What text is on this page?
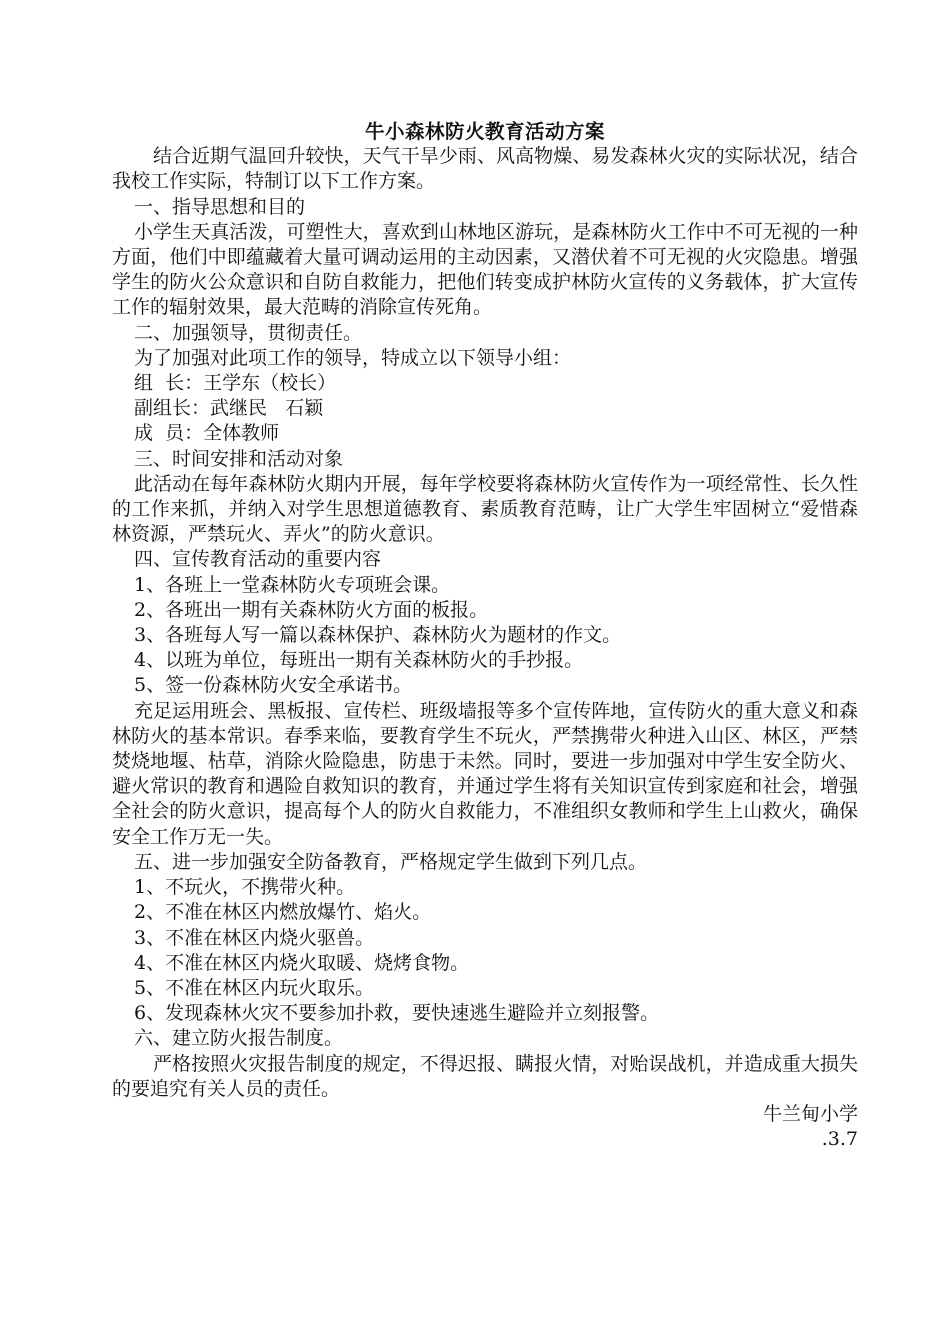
牛小森林防火教育活动方案

结合近期气温回升较快，天气干旱少雨、风高物燥、易发森林火灾的实际状况，结合我校工作实际，特制订以下工作方案。

一、指导思想和目的

小学生天真活泼，可塑性大，喜欢到山林地区游玩，是森林防火工作中不可无视的一种方面，他们中即蕴藏着大量可调动运用的主动因素，又潜伏着不可无视的火灾隐患。增强学生的防火公众意识和自防自救能力，把他们转变成护林防火宣传的义务载体，扩大宣传工作的辐射效果，最大范畴的消除宣传死角。

二、加强领导，贯彻责任。

为了加强对此项工作的领导，特成立以下领导小组：

组  长：王学东（校长）

副组长：武继民   石颖

成  员：全体教师

三、时间安排和活动对象

此活动在每年森林防火期内开展，每年学校要将森林防火宣传作为一项经常性、长久性的工作来抓，并纳入对学生思想道德教育、素质教育范畴，让广大学生牢固树立“爱惜森林资源，严禁玩火、弄火”的防火意识。

四、宣传教育活动的重要内容

1、各班上一堂森林防火专项班会课。

2、各班出一期有关森林防火方面的板报。

3、各班每人写一篇以森林保护、森林防火为题材的作文。

4、以班为单位，每班出一期有关森林防火的手抄报。

5、签一份森林防火安全承诺书。

充足运用班会、黑板报、宣传栏、班级墙报等多个宣传阵地，宣传防火的重大意义和森林防火的基本常识。春季来临，要教育学生不玩火，严禁携带火种进入山区、林区，严禁焚烧地堰、枯草，消除火险隐患，防患于未然。同时，要进一步加强对中学生安全防火、避火常识的教育和遇险自救知识的教育，并通过学生将有关知识宣传到家庭和社会，增强全社会的防火意识，提高每个人的防火自救能力，不准组织女教师和学生上山救火，确保安全工作万无一失。

五、进一步加强安全防备教育，严格规定学生做到下列几点。

1、不玩火，不携带火种。

2、不准在林区内燃放爆竹、焰火。

3、不准在林区内烧火驱兽。

4、不准在林区内烧火取暖、烧烤食物。

5、不准在林区内玩火取乐。

6、发现森林火灾不要参加扑救，要快速逃生避险并立刻报警。

六、建立防火报告制度。

严格按照火灾报告制度的规定，不得迟报、瞒报火情，对贻误战机，并造成重大损失的要追究有关人员的责任。

牛兰甸小学

.3.7
